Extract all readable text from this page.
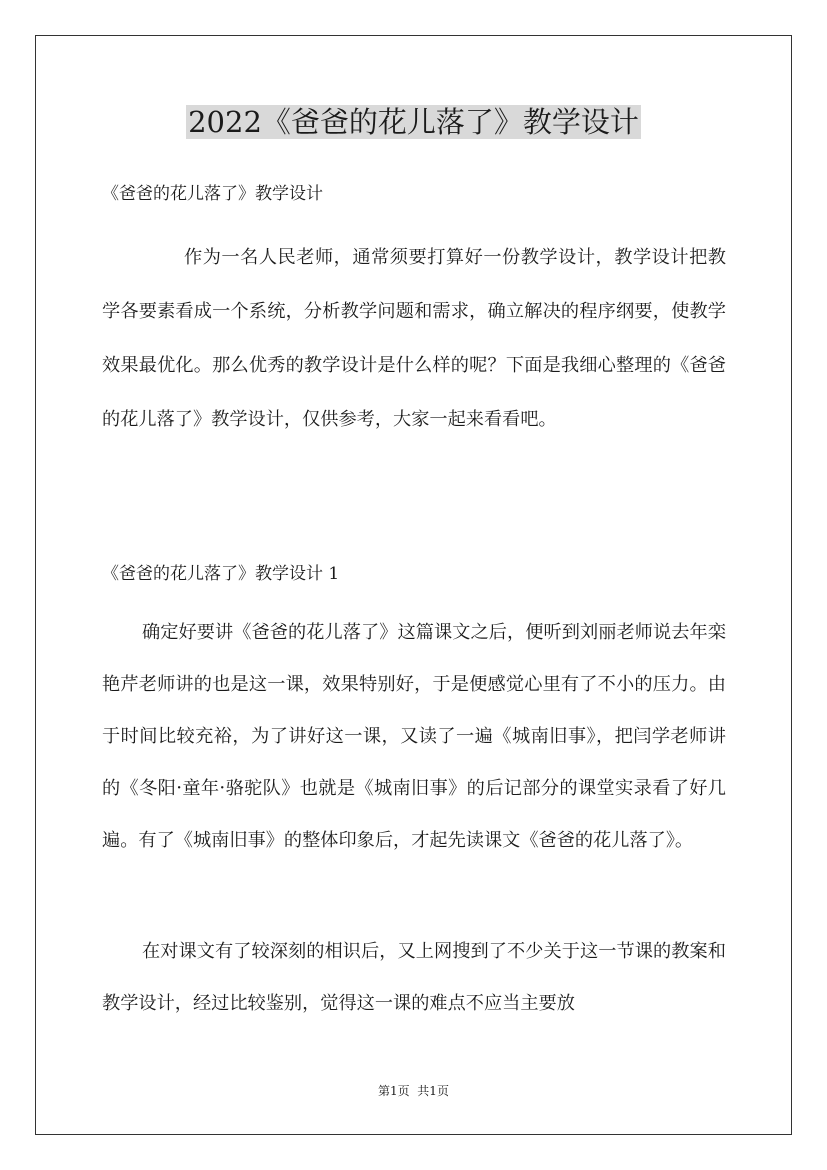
2022《爸爸的花儿落了》教学设计
《爸爸的花儿落了》教学设计
作为一名人民老师，通常须要打算好一份教学设计，教学设计把教学各要素看成一个系统，分析教学问题和需求，确立解决的程序纲要，使教学效果最优化。那么优秀的教学设计是什么样的呢？下面是我细心整理的《爸爸的花儿落了》教学设计，仅供参考，大家一起来看看吧。
《爸爸的花儿落了》教学设计 1
确定好要讲《爸爸的花儿落了》这篇课文之后，便听到刘丽老师说去年栾艳芹老师讲的也是这一课，效果特别好，于是便感觉心里有了不小的压力。由于时间比较充裕，为了讲好这一课，又读了一遍《城南旧事》，把闫学老师讲的《冬阳·童年·骆驼队》也就是《城南旧事》的后记部分的课堂实录看了好几遍。有了《城南旧事》的整体印象后，才起先读课文《爸爸的花儿落了》。
在对课文有了较深刻的相识后，又上网搜到了不少关于这一节课的教案和教学设计，经过比较鉴别，觉得这一课的难点不应当主要放
第1页  共1页
